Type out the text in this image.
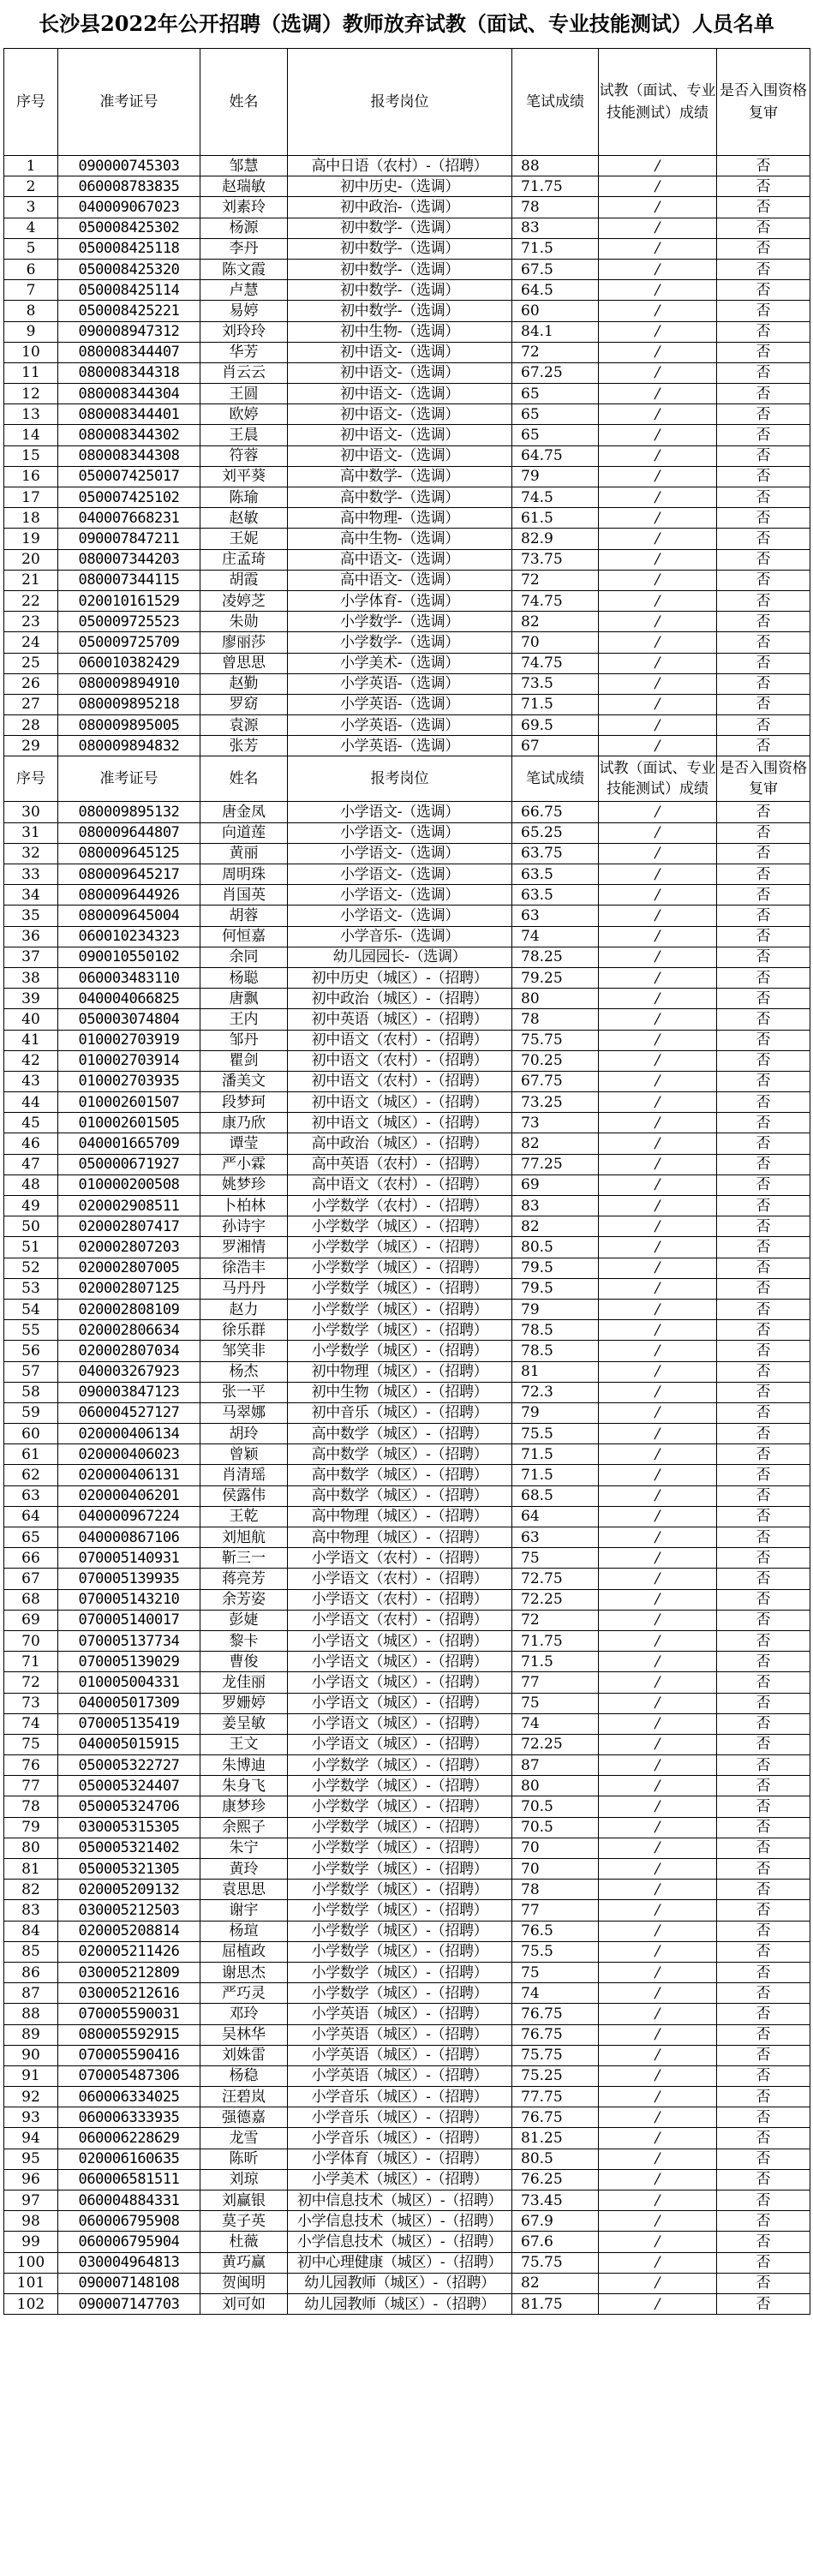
长沙县2022年公开招聘（选调）教师放弃试教（面试、专业技能测试）人员名单
序号	准考证号	姓名	报考岗位	笔试成绩	试教（面试、专业技能测试）成绩	是否入围资格复审
1	090000745303	邹慧	高中日语（农村）-（招聘）	88	/	否
2	060008783835	赵瑞敏	初中历史-（选调）	71.75	/	否
3	040009067023	刘素玲	初中政治-（选调）	78	/	否
4	050008425302	杨源	初中数学-（选调）	83	/	否
5	050008425118	李丹	初中数学-（选调）	71.5	/	否
6	050008425320	陈文霞	初中数学-（选调）	67.5	/	否
7	050008425114	卢慧	初中数学-（选调）	64.5	/	否
8	050008425221	易婷	初中数学-（选调）	60	/	否
9	090008947312	刘玲玲	初中生物-（选调）	84.1	/	否
10	080008344407	华芳	初中语文-（选调）	72	/	否
11	080008344318	肖云云	初中语文-（选调）	67.25	/	否
12	080008344304	王圆	初中语文-（选调）	65	/	否
13	080008344401	欧婷	初中语文-（选调）	65	/	否
14	080008344302	王晨	初中语文-（选调）	65	/	否
15	080008344308	符蓉	初中语文-（选调）	64.75	/	否
16	050007425017	刘平葵	高中数学-（选调）	79	/	否
17	050007425102	陈瑜	高中数学-（选调）	74.5	/	否
18	040007668231	赵敏	高中物理-（选调）	61.5	/	否
19	090007847211	王妮	高中生物-（选调）	82.9	/	否
20	080007344203	庄孟琦	高中语文-（选调）	73.75	/	否
21	080007344115	胡霞	高中语文-（选调）	72	/	否
22	020010161529	凌婷芝	小学体育-（选调）	74.75	/	否
23	050009725523	朱勋	小学数学-（选调）	82	/	否
24	050009725709	廖丽莎	小学数学-（选调）	70	/	否
25	060010382429	曾思思	小学美术-（选调）	74.75	/	否
26	080009894910	赵勤	小学英语-（选调）	73.5	/	否
27	080009895218	罗窈	小学英语-（选调）	71.5	/	否
28	080009895005	袁源	小学英语-（选调）	69.5	/	否
29	080009894832	张芳	小学英语-（选调）	67	/	否
序号	准考证号	姓名	报考岗位	笔试成绩	试教（面试、专业技能测试）成绩	是否入围资格复审
30	080009895132	唐金凤	小学语文-（选调）	66.75	/	否
31	080009644807	向道莲	小学语文-（选调）	65.25	/	否
32	080009645125	黄丽	小学语文-（选调）	63.75	/	否
33	080009645217	周明珠	小学语文-（选调）	63.5	/	否
34	080009644926	肖国英	小学语文-（选调）	63.5	/	否
35	080009645004	胡蓉	小学语文-（选调）	63	/	否
36	060010234323	何恒嘉	小学音乐-（选调）	74	/	否
37	090010550102	余同	幼儿园园长-（选调）	78.25	/	否
38	060003483110	杨聪	初中历史（城区）-（招聘）	79.25	/	否
39	040004066825	唐飘	初中政治（城区）-（招聘）	80	/	否
40	050003074804	王内	初中英语（城区）-（招聘）	78	/	否
41	010002703919	邹丹	初中语文（农村）-（招聘）	75.75	/	否
42	010002703914	瞿剑	初中语文（农村）-（招聘）	70.25	/	否
43	010002703935	潘美文	初中语文（农村）-（招聘）	67.75	/	否
44	010002601507	段梦珂	初中语文（城区）-（招聘）	73.25	/	否
45	010002601505	康乃欣	初中语文（城区）-（招聘）	73	/	否
46	040001665709	谭莹	高中政治（城区）-（招聘）	82	/	否
47	050000671927	严小霖	高中英语（农村）-（招聘）	77.25	/	否
48	010000200508	姚梦珍	高中语文（农村）-（招聘）	69	/	否
49	020002908511	卜柏林	小学数学（农村）-（招聘）	83	/	否
50	020002807417	孙诗宇	小学数学（城区）-（招聘）	82	/	否
51	020002807203	罗湘情	小学数学（城区）-（招聘）	80.5	/	否
52	020002807005	徐浩丰	小学数学（城区）-（招聘）	79.5	/	否
53	020002807125	马丹丹	小学数学（城区）-（招聘）	79.5	/	否
54	020002808109	赵力	小学数学（城区）-（招聘）	79	/	否
55	020002806634	徐乐群	小学数学（城区）-（招聘）	78.5	/	否
56	020002807034	邹笑非	小学数学（城区）-（招聘）	78.5	/	否
57	040003267923	杨杰	初中物理（城区）-（招聘）	81	/	否
58	090003847123	张一平	初中生物（城区）-（招聘）	72.3	/	否
59	060004527127	马翠娜	初中音乐（城区）-（招聘）	79	/	否
60	020000406134	胡玲	高中数学（城区）-（招聘）	75.5	/	否
61	020000406023	曾颖	高中数学（城区）-（招聘）	71.5	/	否
62	020000406131	肖清瑶	高中数学（城区）-（招聘）	71.5	/	否
63	020000406201	侯露伟	高中数学（城区）-（招聘）	68.5	/	否
64	040000967224	王乾	高中物理（城区）-（招聘）	64	/	否
65	040000867106	刘旭航	高中物理（城区）-（招聘）	63	/	否
66	070005140931	靳三一	小学语文（农村）-（招聘）	75	/	否
67	070005139935	蒋亮芳	小学语文（农村）-（招聘）	72.75	/	否
68	070005143210	余芳姿	小学语文（农村）-（招聘）	72.25	/	否
69	070005140017	彭婕	小学语文（农村）-（招聘）	72	/	否
70	070005137734	黎卡	小学语文（城区）-（招聘）	71.75	/	否
71	070005139029	曹俊	小学语文（城区）-（招聘）	71.5	/	否
72	010005004331	龙佳丽	小学语文（城区）-（招聘）	77	/	否
73	040005017309	罗姗婷	小学语文（城区）-（招聘）	75	/	否
74	070005135419	姜呈敏	小学语文（城区）-（招聘）	74	/	否
75	040005015915	王文	小学语文（城区）-（招聘）	72.25	/	否
76	050005322727	朱博迪	小学数学（城区）-（招聘）	87	/	否
77	050005324407	朱身飞	小学数学（城区）-（招聘）	80	/	否
78	050005324706	康梦珍	小学数学（城区）-（招聘）	70.5	/	否
79	030005315305	余熙子	小学数学（城区）-（招聘）	70.5	/	否
80	050005321402	朱宁	小学数学（城区）-（招聘）	70	/	否
81	050005321305	黄玲	小学数学（城区）-（招聘）	70	/	否
82	020005209132	袁思思	小学数学（城区）-（招聘）	78	/	否
83	030005212503	谢宇	小学数学（城区）-（招聘）	77	/	否
84	020005208814	杨瑄	小学数学（城区）-（招聘）	76.5	/	否
85	020005211426	屈植政	小学数学（城区）-（招聘）	75.5	/	否
86	030005212809	谢思杰	小学数学（城区）-（招聘）	75	/	否
87	030005212616	严巧灵	小学数学（城区）-（招聘）	74	/	否
88	070005590031	邓玲	小学英语（城区）-（招聘）	76.75	/	否
89	080005592915	吴林华	小学英语（城区）-（招聘）	76.75	/	否
90	070005590416	刘姝雷	小学英语（城区）-（招聘）	75.75	/	否
91	070005487306	杨稳	小学英语（城区）-（招聘）	75.25	/	否
92	060006334025	汪碧岚	小学音乐（城区）-（招聘）	77.75	/	否
93	060006333935	强德嘉	小学音乐（城区）-（招聘）	76.75	/	否
94	060006228629	龙雪	小学音乐（城区）-（招聘）	81.25	/	否
95	020006160635	陈昕	小学体育（城区）-（招聘）	80.5	/	否
96	060006581511	刘琼	小学美术（城区）-（招聘）	76.25	/	否
97	060004884331	刘赢银	初中信息技术（城区）-（招聘）	73.45	/	否
98	060006795908	莫子英	小学信息技术（城区）-（招聘）	67.9	/	否
99	060006795904	杜薇	小学信息技术（城区）-（招聘）	67.6	/	否
100	030004964813	黄巧赢	初中心理健康（城区）-（招聘）	75.75	/	否
101	090007148108	贺闽明	幼儿园教师（城区）-（招聘）	82	/	否
102	090007147703	刘可如	幼儿园教师（城区）-（招聘）	81.75	/	否
